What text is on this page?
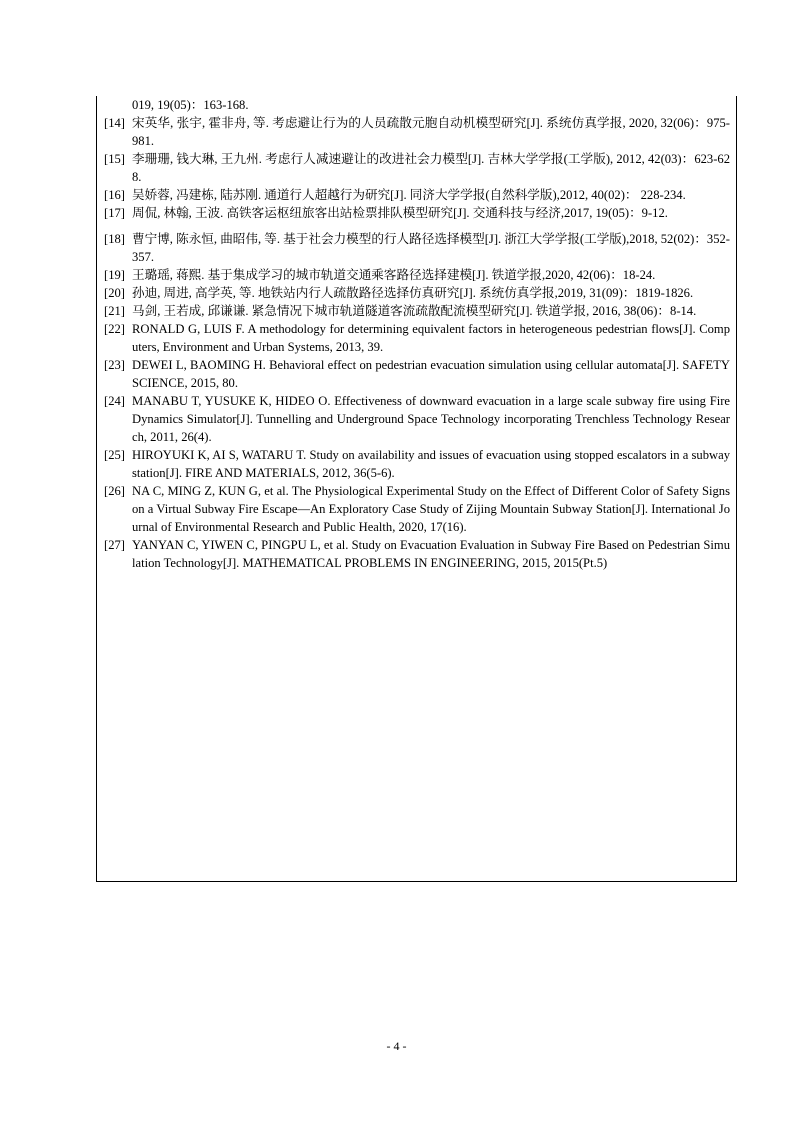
019, 19(05)：163-168.
[14] 宋英华, 张宇, 霍非舟, 等. 考虑避让行为的人员疏散元胞自动机模型研究[J]. 系统仿真学报, 2020, 32(06)：975-981.
[15] 李珊珊, 钱大琳, 王九州. 考虑行人减速避让的改进社会力模型[J]. 吉林大学学报(工学版), 2012, 42(03)：623-628.
[16] 吴娇蓉, 冯建栋, 陆苏刚. 通道行人超越行为研究[J]. 同济大学学报(自然科学版),2012, 40(02)： 228-234.
[17] 周侃, 林翰, 王波. 高铁客运枢纽旅客出站检票排队模型研究[J]. 交通科技与经济,2017, 19(05)：9-12.
[18] 曹宁博, 陈永恒, 曲昭伟, 等. 基于社会力模型的行人路径选择模型[J]. 浙江大学学报(工学版),2018, 52(02)：352-357.
[19] 王璐瑶, 蒋熙. 基于集成学习的城市轨道交通乘客路径选择建模[J]. 铁道学报,2020, 42(06)：18-24.
[20] 孙迪, 周进, 高学英, 等. 地铁站内行人疏散路径选择仿真研究[J]. 系统仿真学报,2019, 31(09)：1819-1826.
[21] 马剑, 王若成, 邱谦谦. 紧急情况下城市轨道隧道客流疏散配流模型研究[J]. 铁道学报, 2016, 38(06)：8-14.
[22] RONALD G, LUIS F. A methodology for determining equivalent factors in heterogeneous pedestrian flows[J]. Computers, Environment and Urban Systems, 2013, 39.
[23] DEWEI L, BAOMING H. Behavioral effect on pedestrian evacuation simulation using cellular automata[J]. SAFETY SCIENCE, 2015, 80.
[24] MANABU T, YUSUKE K, HIDEO O. Effectiveness of downward evacuation in a large scale subway fire using Fire Dynamics Simulator[J]. Tunnelling and Underground Space Technology incorporating Trenchless Technology Research, 2011, 26(4).
[25] HIROYUKI K, AI S, WATARU T. Study on availability and issues of evacuation using stopped escalators in a subway station[J]. FIRE AND MATERIALS, 2012, 36(5-6).
[26] NA C, MING Z, KUN G, et al. The Physiological Experimental Study on the Effect of Different Color of Safety Signs on a Virtual Subway Fire Escape—An Exploratory Case Study of Zijing Mountain Subway Station[J]. International Journal of Environmental Research and Public Health, 2020, 17(16).
[27] YANYAN C, YIWEN C, PINGPU L, et al. Study on Evacuation Evaluation in Subway Fire Based on Pedestrian Simulation Technology[J]. MATHEMATICAL PROBLEMS IN ENGINEERING, 2015, 2015(Pt.5)
- 4 -
